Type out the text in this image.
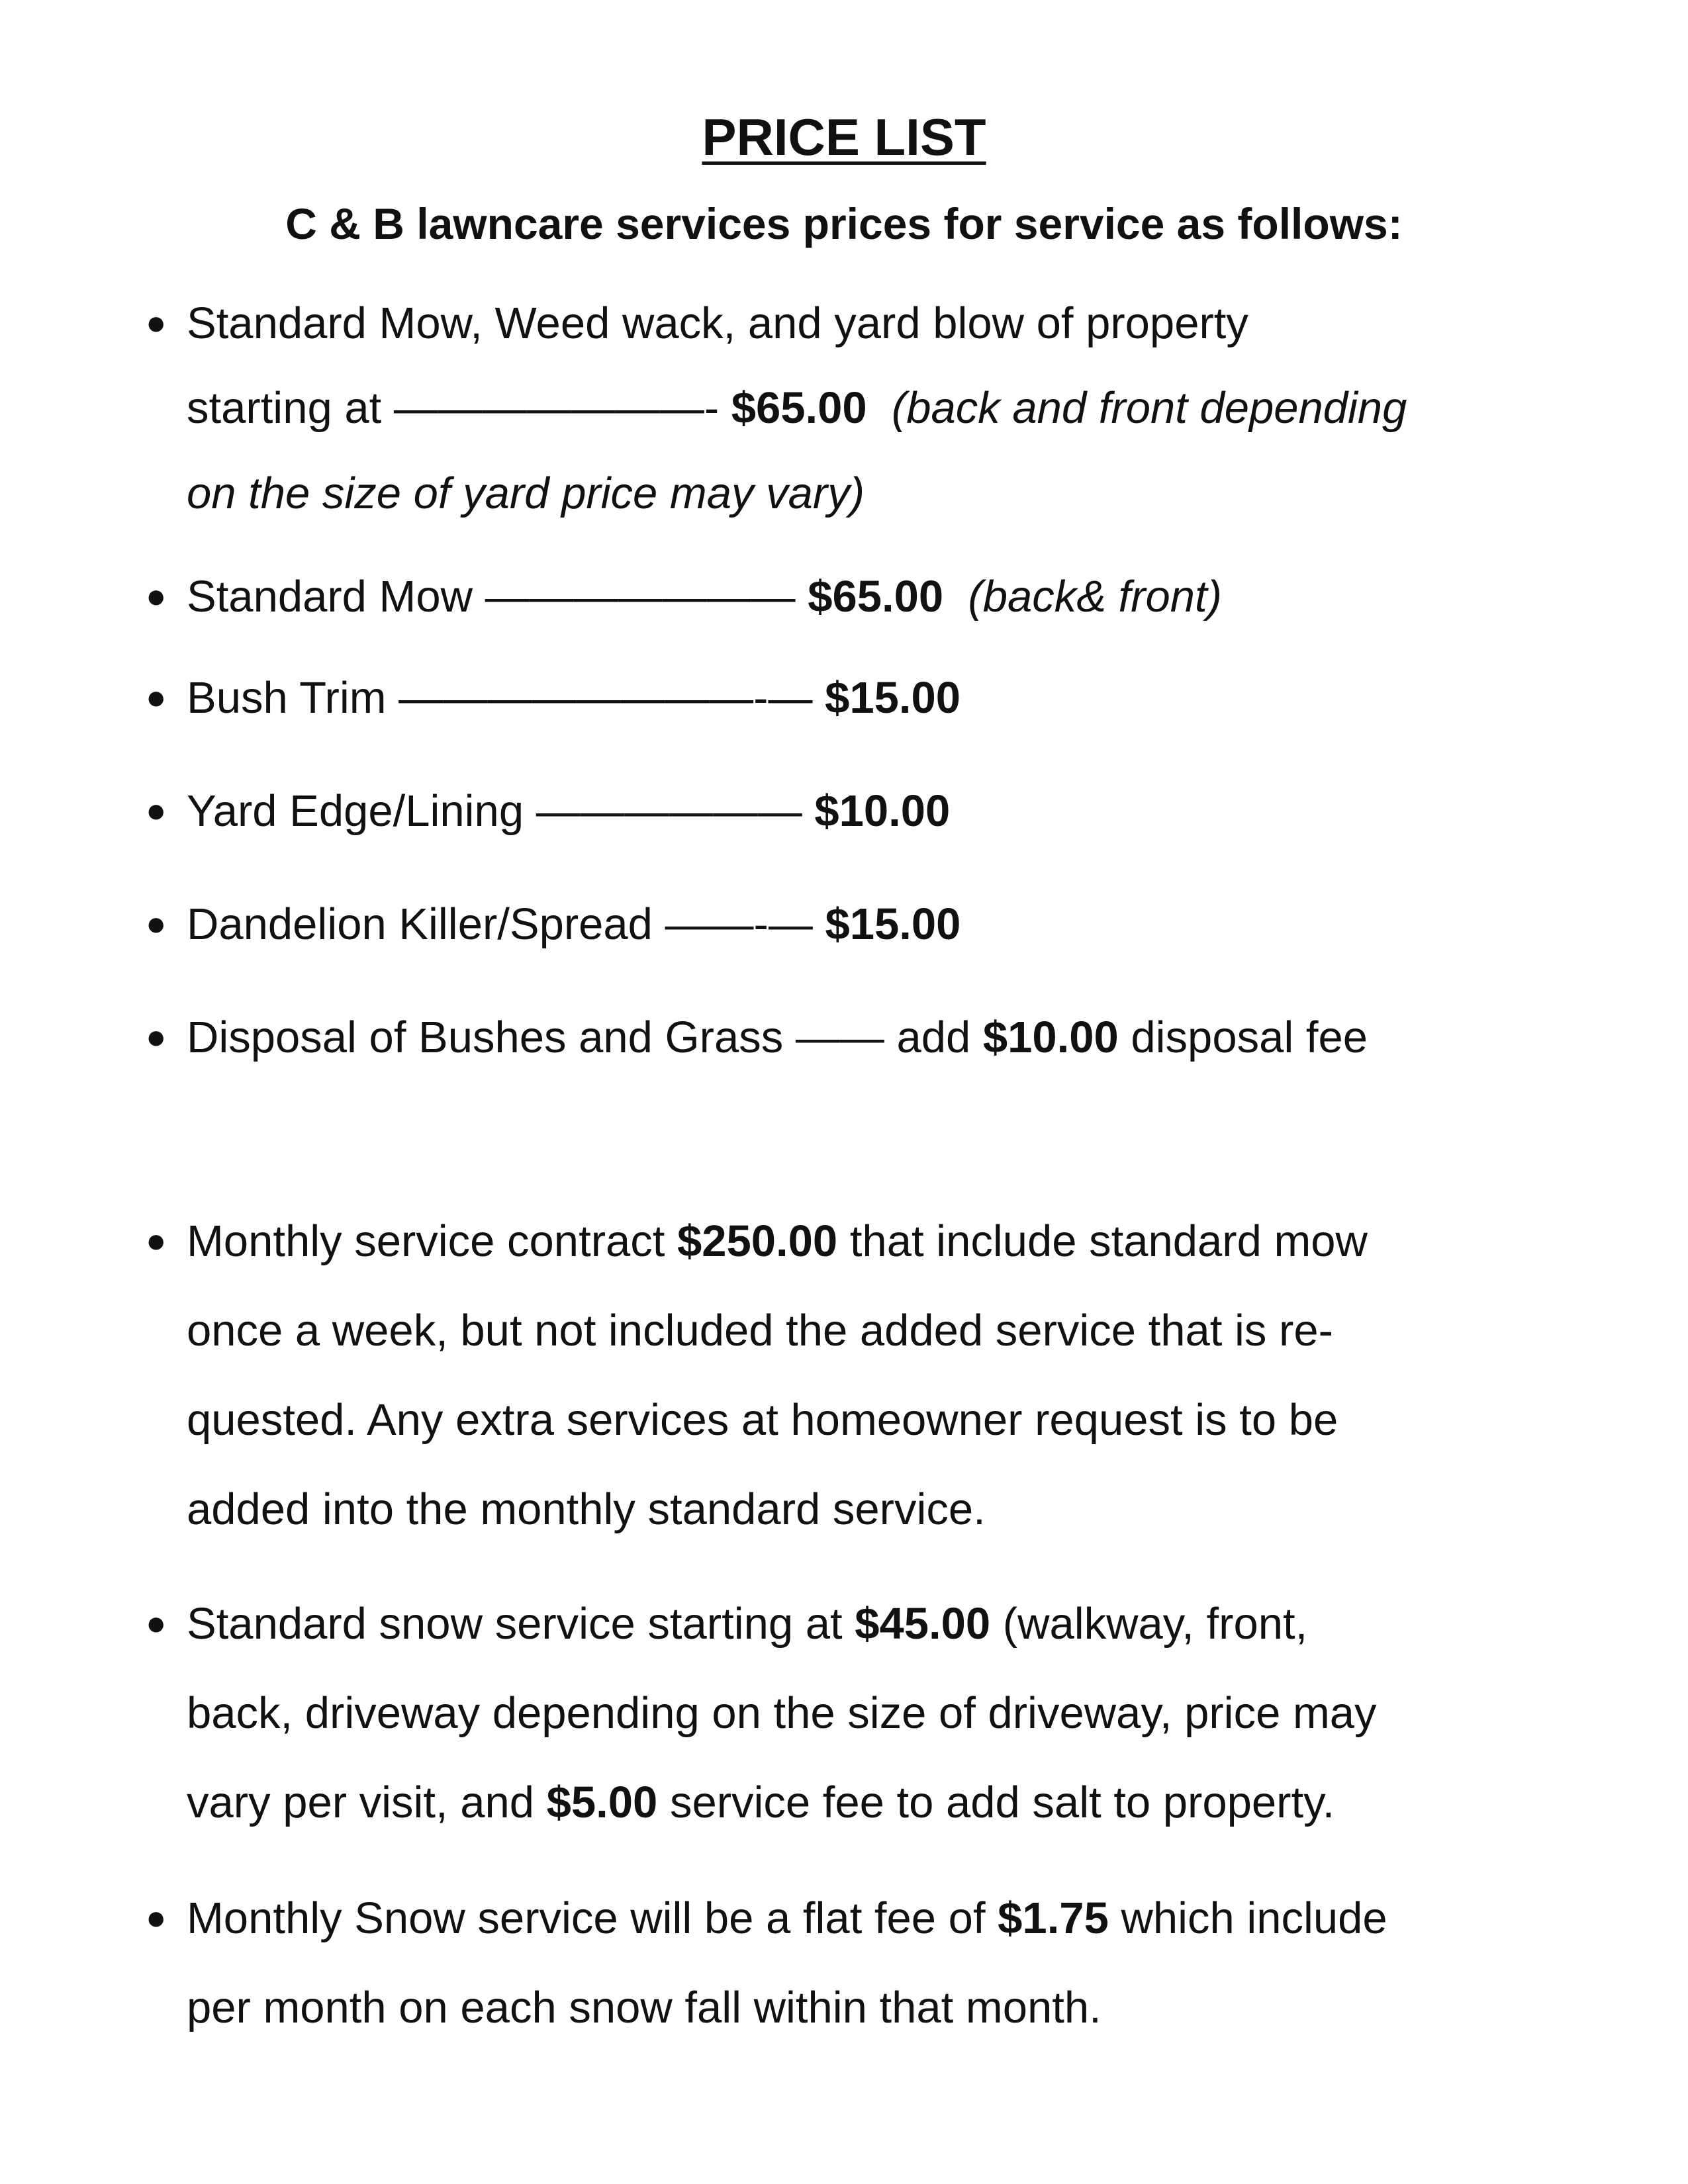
PRICE LIST
C & B lawncare services prices for service as follows:
● Standard Mow, Weed wack, and yard blow of property
starting at ———————- $65.00  (back and front depending
on the size of yard price may vary)
● Standard Mow ——————— $65.00  (back& front)
● Bush Trim ————————-— $15.00
● Yard Edge/Lining —————— $10.00
● Dandelion Killer/Spread ——-— $15.00
● Disposal of Bushes and Grass —— add $10.00 disposal fee
● Monthly service contract $250.00 that include standard mow
once a week, but not included the added service that is re-
quested. Any extra services at homeowner request is to be
added into the monthly standard service.
● Standard snow service starting at $45.00 (walkway, front,
back, driveway depending on the size of driveway, price may
vary per visit, and $5.00 service fee to add salt to property.
● Monthly Snow service will be a flat fee of $1.75 which include
per month on each snow fall within that month.
